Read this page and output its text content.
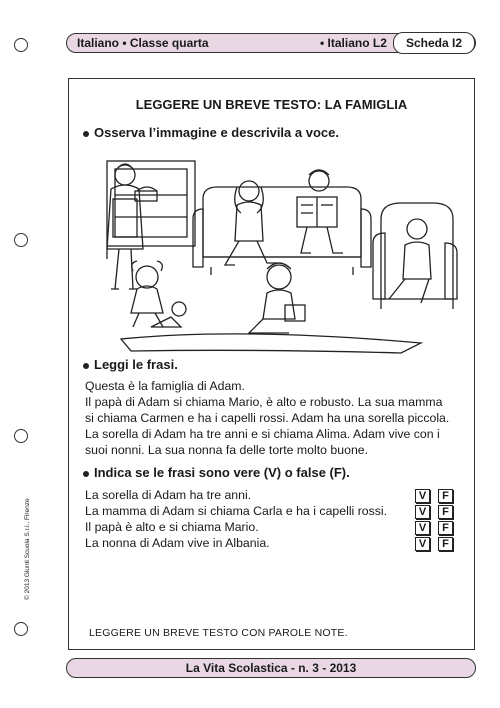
Italiano • Classe quarta	• Italiano L2	Scheda I2
LEGGERE UN BREVE TESTO: LA FAMIGLIA
Osserva l’immagine e descrivila a voce.
Leggi le frasi.
Questa è la famiglia di Adam.
Il papà di Adam si chiama Mario, è alto e robusto. La sua mamma
si chiama Carmen e ha i capelli rossi. Adam ha una sorella piccola.
La sorella di Adam ha tre anni e si chiama Alima. Adam vive con i
suoi nonni. La sua nonna fa delle torte molto buone.
Indica se le frasi sono vere (V) o false (F).
La sorella di Adam ha tre anni.
La mamma di Adam si chiama Carla e ha i capelli rossi.
Il papà è alto e si chiama Mario.
La nonna di Adam vive in Albania.
V F
V F
V F
V F
LEGGERE UN BREVE TESTO CON PAROLE NOTE.
© 2013 Giunti Scuola S.r.l., Firenze
La Vita Scolastica - n. 3 - 2013
